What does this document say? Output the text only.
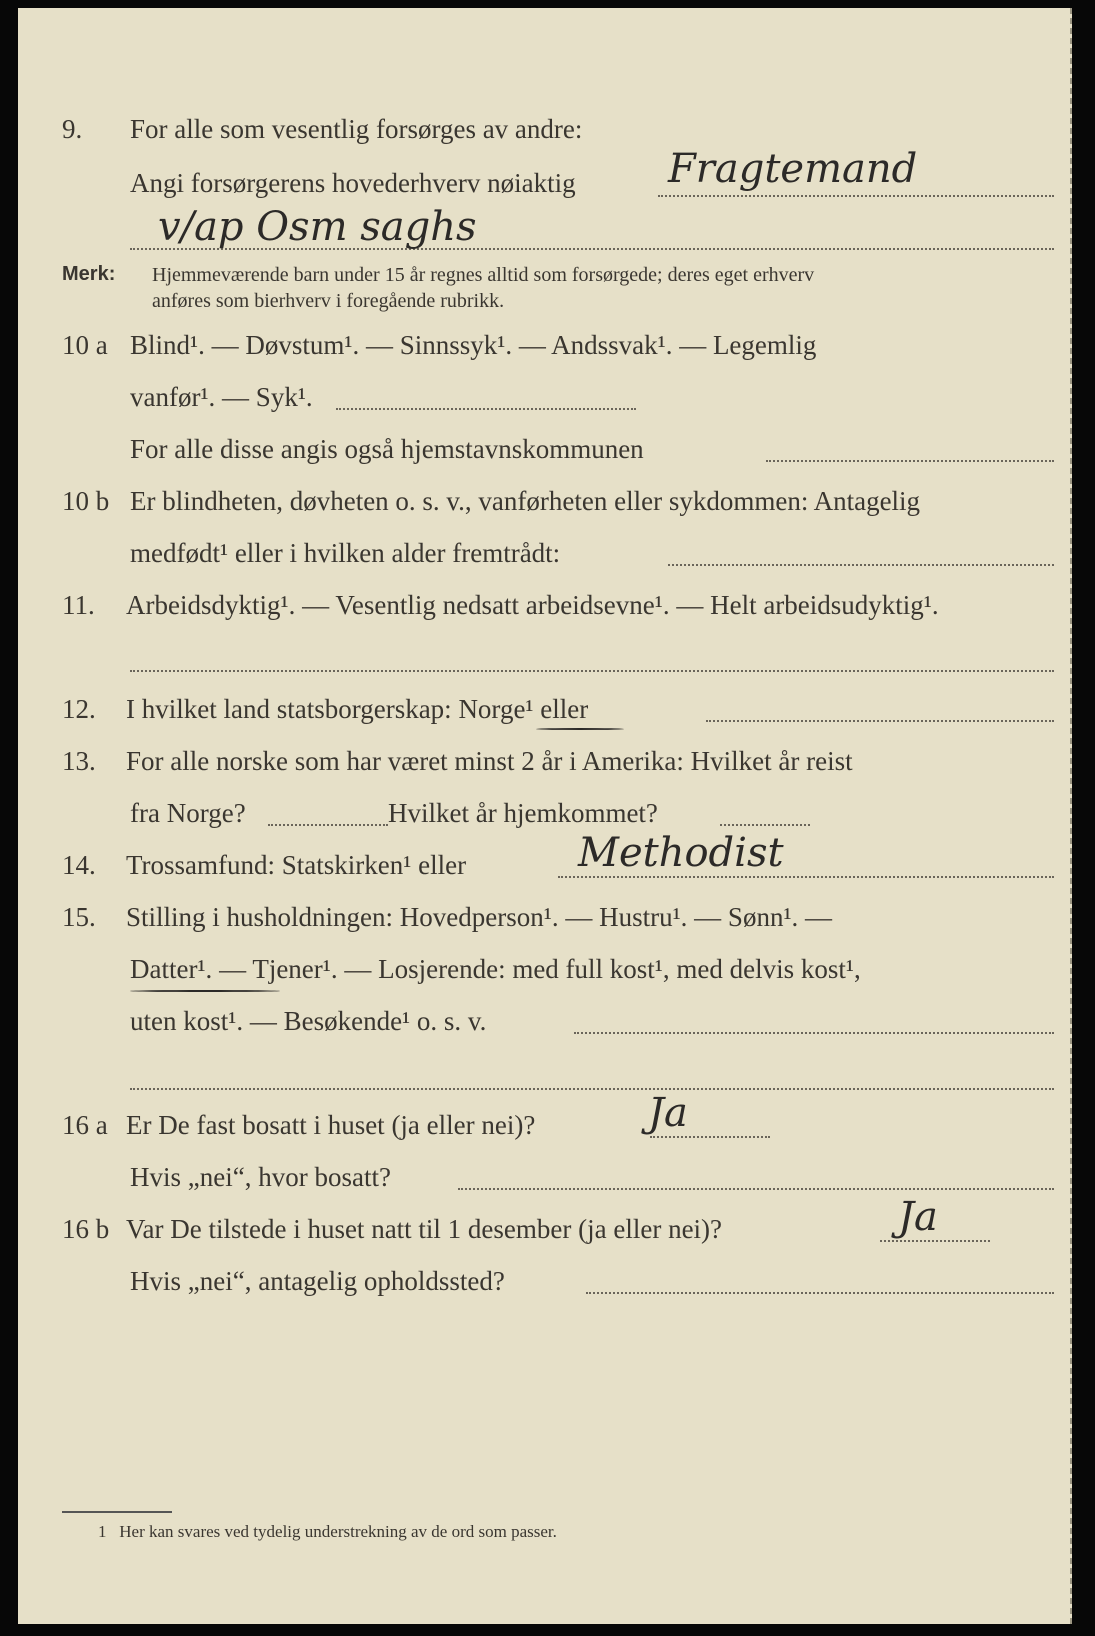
9. For alle som vesentlig forsørges av andre:
Angi forsørgerens hovederhverv nøiaktig Fragtemand
v/ap Osm saghs
Merk: Hjemmeværende barn under 15 år regnes alltid som forsørgede; deres eget erhverv
anføres som bierhverv i foregående rubrikk.
10 a Blind¹. — Døvstum¹. — Sinnssyk¹. — Andssvak¹. — Legemlig
vanfør¹. — Syk¹.
For alle disse angis også hjemstavnskommunen
10 b Er blindheten, døvheten o. s. v., vanførheten eller sykdommen: Antagelig
medfødt¹ eller i hvilken alder fremtrådt:
11. Arbeidsdyktig¹. — Vesentlig nedsatt arbeidsevne¹. — Helt arbeidsudyktig¹.
12. I hvilket land statsborgerskap: Norge¹ eller
13. For alle norske som har været minst 2 år i Amerika: Hvilket år reist
fra Norge?	Hvilket år hjemkommet?
14. Trossamfund: Statskirken¹ eller	Methodist
15. Stilling i husholdningen: Hovedperson¹. — Hustru¹. — Sønn¹. —
Datter¹. — Tjener¹. — Losjerende: med full kost¹, med delvis kost¹,
uten kost¹. — Besøkende¹ o. s. v.
16 a Er De fast bosatt i huset (ja eller nei)?	Ja
Hvis „nei“, hvor bosatt?
16 b Var De tilstede i huset natt til 1 desember (ja eller nei)?	Ja
Hvis „nei“, antagelig opholdssted?
1 Her kan svares ved tydelig understrekning av de ord som passer.
